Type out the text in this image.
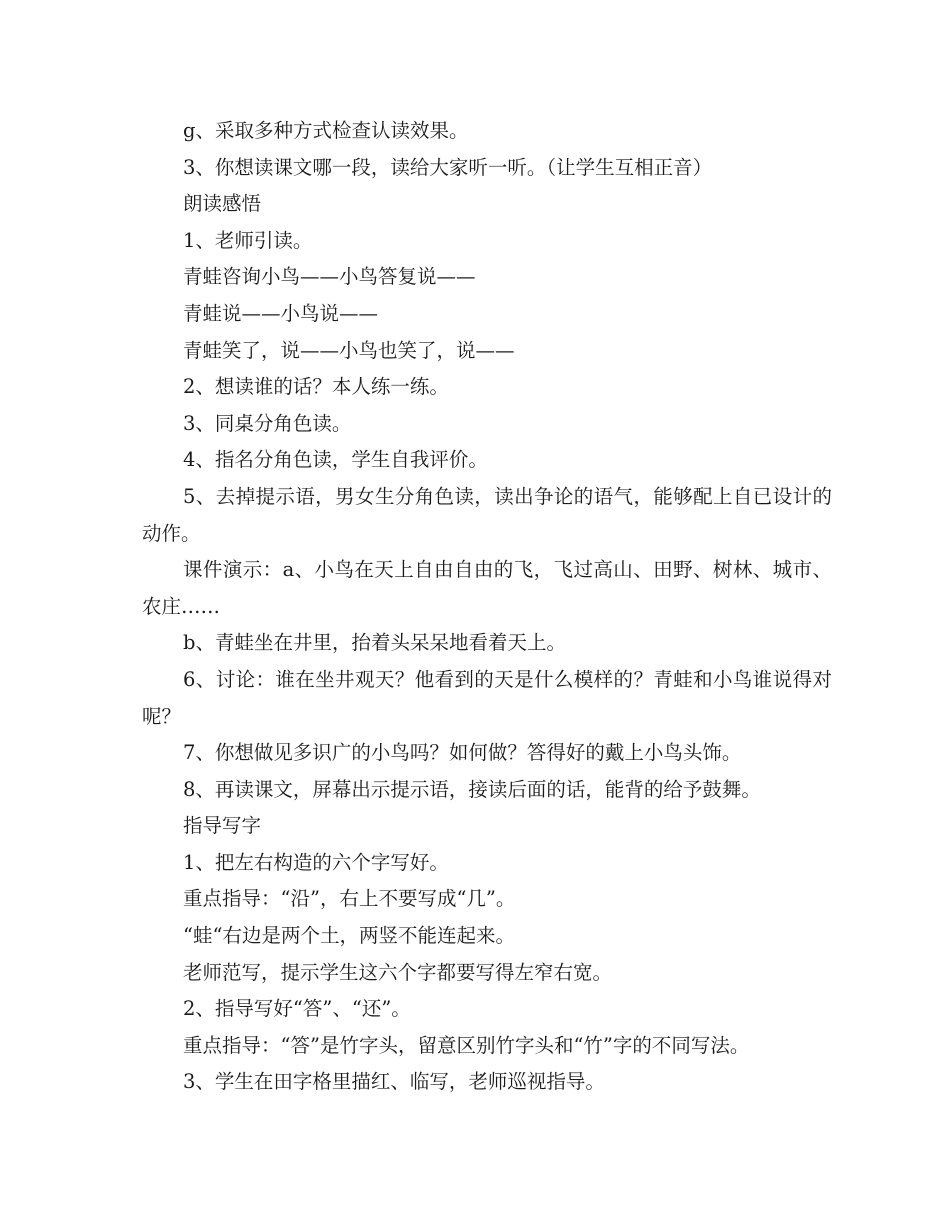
g、采取多种方式检查认读效果。

3、你想读课文哪一段，读给大家听一听。（让学生互相正音）

朗读感悟

1、老师引读。

青蛙咨询小鸟——小鸟答复说——

青蛙说——小鸟说——

青蛙笑了，说——小鸟也笑了，说——

2、想读谁的话？本人练一练。

3、同桌分角色读。

4、指名分角色读，学生自我评价。

5、去掉提示语，男女生分角色读，读出争论的语气，能够配上自已设计的动作。

课件演示：a、小鸟在天上自由自由的飞，飞过高山、田野、树林、城市、农庄……

b、青蛙坐在井里，抬着头呆呆地看着天上。

6、讨论：谁在坐井观天？他看到的天是什么模样的？青蛙和小鸟谁说得对呢？

7、你想做见多识广的小鸟吗？如何做？答得好的戴上小鸟头饰。

8、再读课文，屏幕出示提示语，接读后面的话，能背的给予鼓舞。

指导写字

1、把左右构造的六个字写好。

重点指导：“沿”，右上不要写成“几”。

“蛙“右边是两个土，两竖不能连起来。

老师范写，提示学生这六个字都要写得左窄右宽。

2、指导写好“答”、“还”。

重点指导：“答”是竹字头，留意区别竹字头和“竹”字的不同写法。

3、学生在田字格里描红、临写，老师巡视指导。
